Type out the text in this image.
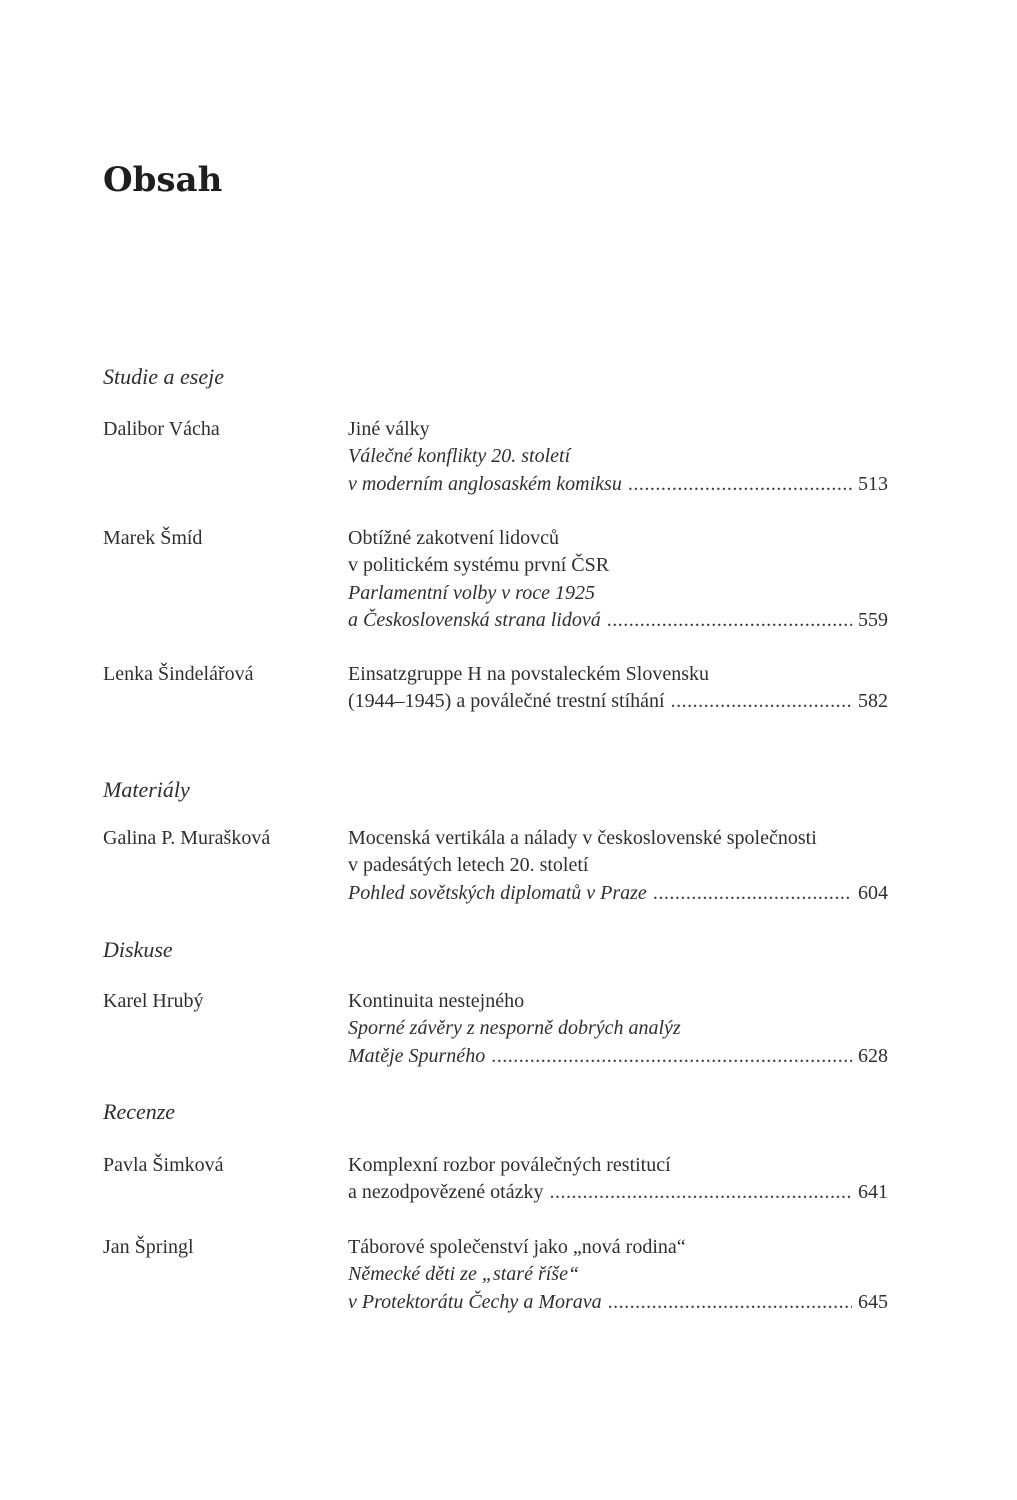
Obsah

Studie a eseje

Dalibor Vácha	Jiné války
Válečné konflikty 20. století
v moderním anglosaském komiksu .....	513
Marek Šmíd	Obtížné zakotvení lidovců
v politickém systému první ČSR
Parlamentní volby v roce 1925
a Československá strana lidová .....	559
Lenka Šindelářová	Einsatzgruppe H na povstaleckém Slovensku
(1944–1945) a poválečné trestní stíhání .....	582

Materiály

Galina P. Murašková	Mocenská vertikála a nálady v československé společnosti
v padesátých letech 20. století
Pohled sovětských diplomatů v Praze .....	604

Diskuse

Karel Hrubý	Kontinuita nestejného
Sporné závěry z nesporně dobrých analýz
Matěje Spurného .....	628

Recenze

Pavla Šimková	Komplexní rozbor poválečných restitucí
a nezodpovězené otázky .....	641
Jan Špringl	Táborové společenství jako „nová rodina“
Německé děti ze „staré říše“
v Protektorátu Čechy a Morava .....	645
